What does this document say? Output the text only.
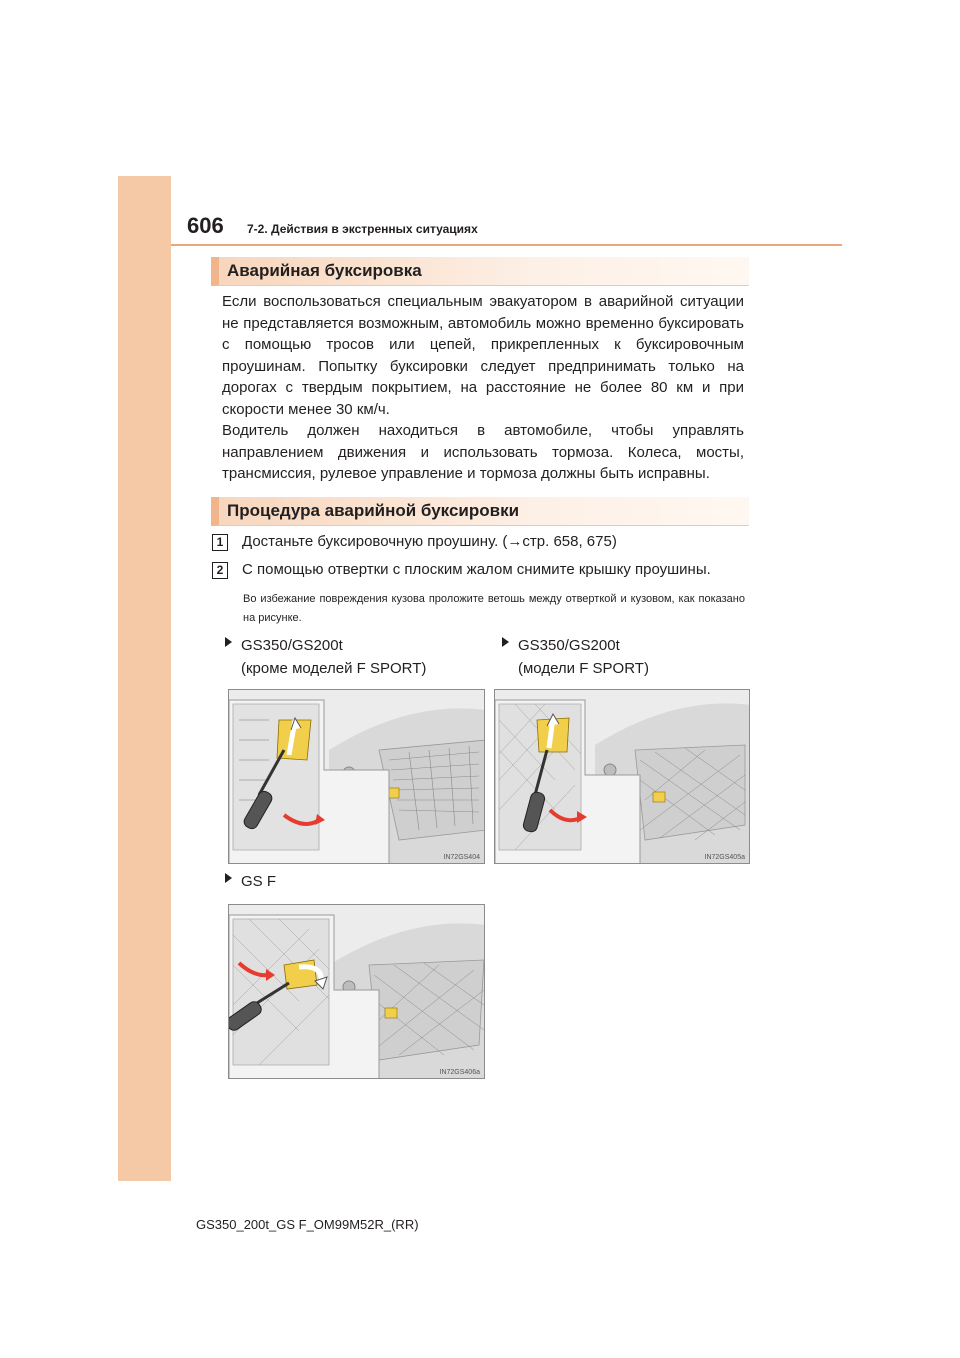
606 7-2. Действия в экстренных ситуациях
Аварийная буксировка
Если воспользоваться специальным эвакуатором в аварийной ситуации не представляется возможным, автомобиль можно временно буксировать с помощью тросов или цепей, прикрепленных к буксировочным проушинам. Попытку буксировки следует предпринимать только на дорогах с твердым покрытием, на расстояние не более 80 км и при скорости менее 30 км/ч.
Водитель должен находиться в автомобиле, чтобы управлять направлением движения и использовать тормоза. Колеса, мосты, трансмиссия, рулевое управление и тормоза должны быть исправны.
Процедура аварийной буксировки
1	Достаньте буксировочную проушину. (→стр. 658, 675)
2	С помощью отвертки с плоским жалом снимите крышку проушины.
Во избежание повреждения кузова проложите ветошь между отверткой и кузовом, как показано на рисунке.
GS350/GS200t
(кроме моделей F SPORT)
GS350/GS200t
(модели F SPORT)
IN72GS404	IN72GS405a
GS F
IN72GS406a
GS350_200t_GS F_OM99M52R_(RR)
